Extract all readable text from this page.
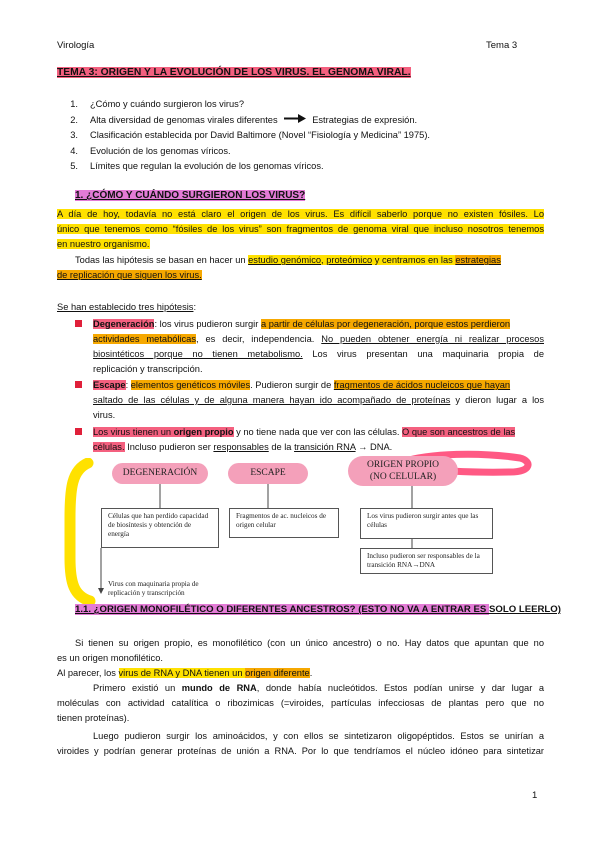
Virología	Tema 3
TEMA 3: ORIGEN Y LA EVOLUCIÓN DE LOS VIRUS. EL GENOMA VIRAL.
1. ¿Cómo y cuándo surgieron los virus?
2. Alta diversidad de genomas virales diferentes	Estrategias de expresión.
3. Clasificación establecida por David Baltimore (Novel “Fisiología y Medicina” 1975).
4. Evolución de los genomas víricos.
5. Límites que regulan la evolución de los genomas víricos.
1. ¿CÓMO Y CUÁNDO SURGIERON LOS VIRUS?
A día de hoy, todavía no está claro el origen de los virus. Es difícil saberlo porque no existen fósiles. Lo
único que tenemos como “fósiles de los virus” son fragmentos de genoma viral que incluso nosotros tenemos
en nuestro organismo.
Todas las hipótesis se basan en hacer un estudio genómico, proteómico y centramos en las estrategias
de replicación que siguen los virus.
Se han establecido tres hipótesis:
Degeneración: los virus pudieron surgir a partir de células por degeneración, porque estos perdieron
actividades metabólicas, es decir, independencia. No pueden obtener energía ni realizar procesos
biosintéticos porque no tienen metabolismo. Los virus presentan una maquinaria propia de
replicación y transcripción.
Escape: elementos genéticos móviles. Pudieron surgir de fragmentos de ácidos nucleicos que hayan
saltado de las células y de alguna manera hayan ido acompañado de proteínas y dieron lugar a los
virus.
Los virus tienen un origen propio y no tiene nada que ver con las células. O que son ancestros de las
células. Incluso pudieron ser responsables de la transición RNA → DNA.
DEGENERACIÓN	ESCAPE
ORIGEN PROPIO
(NO CELULAR)
Células que han perdido capacidad de biosíntesis y obtención de energía
Fragmentos de ac. nucleicos de origen celular
Los virus pudieron surgir antes que las células
Incluso pudieron ser responsables de la transición RNA→DNA
Virus con maquinaria propia de replicación y transcripción
1.1. ¿ORIGEN MONOFILÉTICO O DIFERENTES ANCESTROS? (ESTO NO VA A ENTRAR ES SOLO LEERLO)
Si tienen su origen propio, es monofilético (con un único ancestro) o no. Hay datos que apuntan que no
es un origen monofilético.
Al parecer, los virus de RNA y DNA tienen un origen diferente.
Primero existió un mundo de RNA, donde había nucleótidos. Estos podían unirse y dar lugar a
moléculas con actividad catalítica o ribozimicas (=viroides, partículas infecciosas de plantas pero que no
tienen proteínas).
Luego pudieron surgir los aminoácidos, y con ellos se sintetizaron oligopéptidos. Estos se unirían a
viroides y podrían generar proteínas de unión a RNA. Por lo que tendríamos el núcleo idóneo para sintetizar
1
